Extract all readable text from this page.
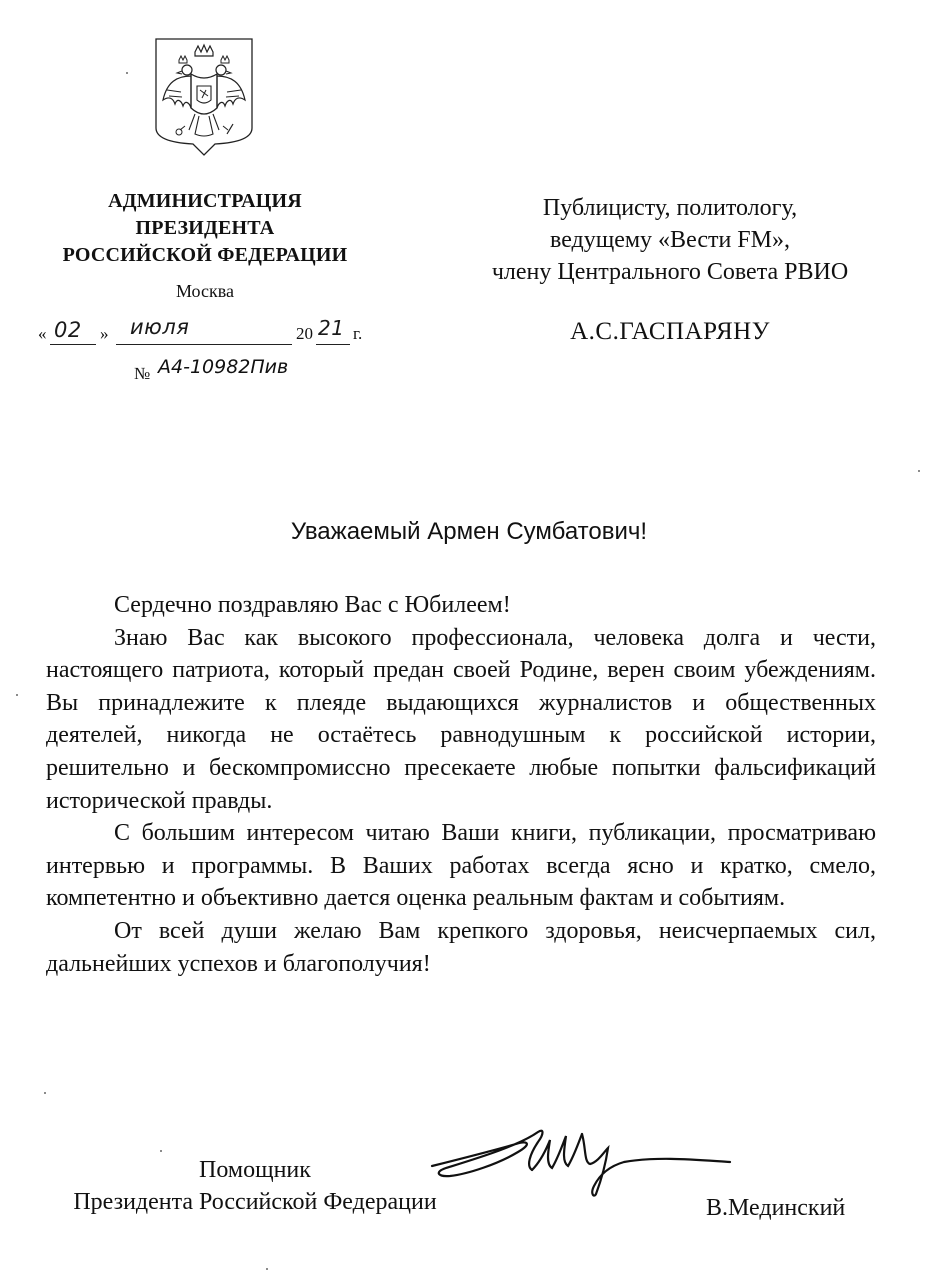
АДМИНИСТРАЦИЯ
ПРЕЗИДЕНТА
РОССИЙСКОЙ ФЕДЕРАЦИИ
Москва
« 02 » июля	20 21 г.
№ А4-10982Пив
Публицисту, политологу,
ведущему «Вести FM»,
члену Центрального Совета РВИО
А.С.ГАСПАРЯНУ
Уважаемый Армен Сумбатович!

Сердечно поздравляю Вас с Юбилеем!

Знаю Вас как высокого профессионала, человека долга и чести, настоящего патриота, который предан своей Родине, верен своим убеждениям. Вы принадлежите к плеяде выдающихся журналистов и общественных деятелей, никогда не остаётесь равнодушным к российской истории, решительно и бескомпромиссно пресекаете любые попытки фальсификаций исторической правды.

С большим интересом читаю Ваши книги, публикации, просматриваю интервью и программы. В Ваших работах всегда ясно и кратко, смело, компетентно и объективно дается оценка реальным фактам и событиям.

От всей души желаю Вам крепкого здоровья, неисчерпаемых сил, дальнейших успехов и благополучия!

Помощник
Президента Российской Федерации	В.Мединский
